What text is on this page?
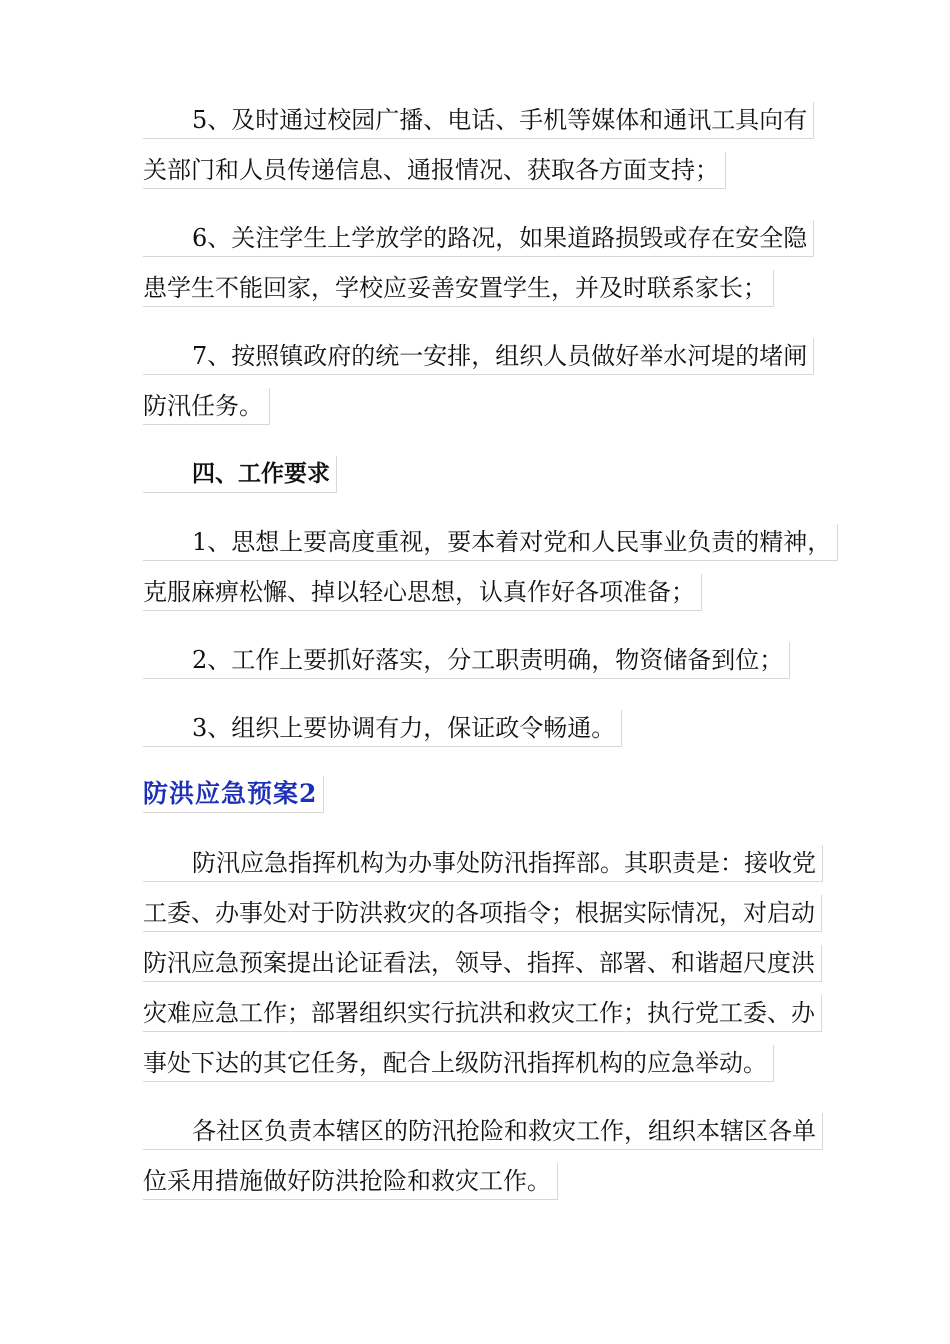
5、及时通过校园广播、电话、手机等媒体和通讯工具向有
关部门和人员传递信息、通报情况、获取各方面支持；
6、关注学生上学放学的路况，如果道路损毁或存在安全隐
患学生不能回家，学校应妥善安置学生，并及时联系家长；
7、按照镇政府的统一安排，组织人员做好举水河堤的堵闸
防汛任务。
四、工作要求
1、思想上要高度重视，要本着对党和人民事业负责的精神，
克服麻痹松懈、掉以轻心思想，认真作好各项准备；
2、工作上要抓好落实，分工职责明确，物资储备到位；
3、组织上要协调有力，保证政令畅通。
防洪应急预案2
防汛应急指挥机构为办事处防汛指挥部。其职责是：接收党
工委、办事处对于防洪救灾的各项指令；根据实际情况，对启动
防汛应急预案提出论证看法，领导、指挥、部署、和谐超尺度洪
灾难应急工作；部署组织实行抗洪和救灾工作；执行党工委、办
事处下达的其它任务，配合上级防汛指挥机构的应急举动。
各社区负责本辖区的防汛抢险和救灾工作，组织本辖区各单
位采用措施做好防洪抢险和救灾工作。
